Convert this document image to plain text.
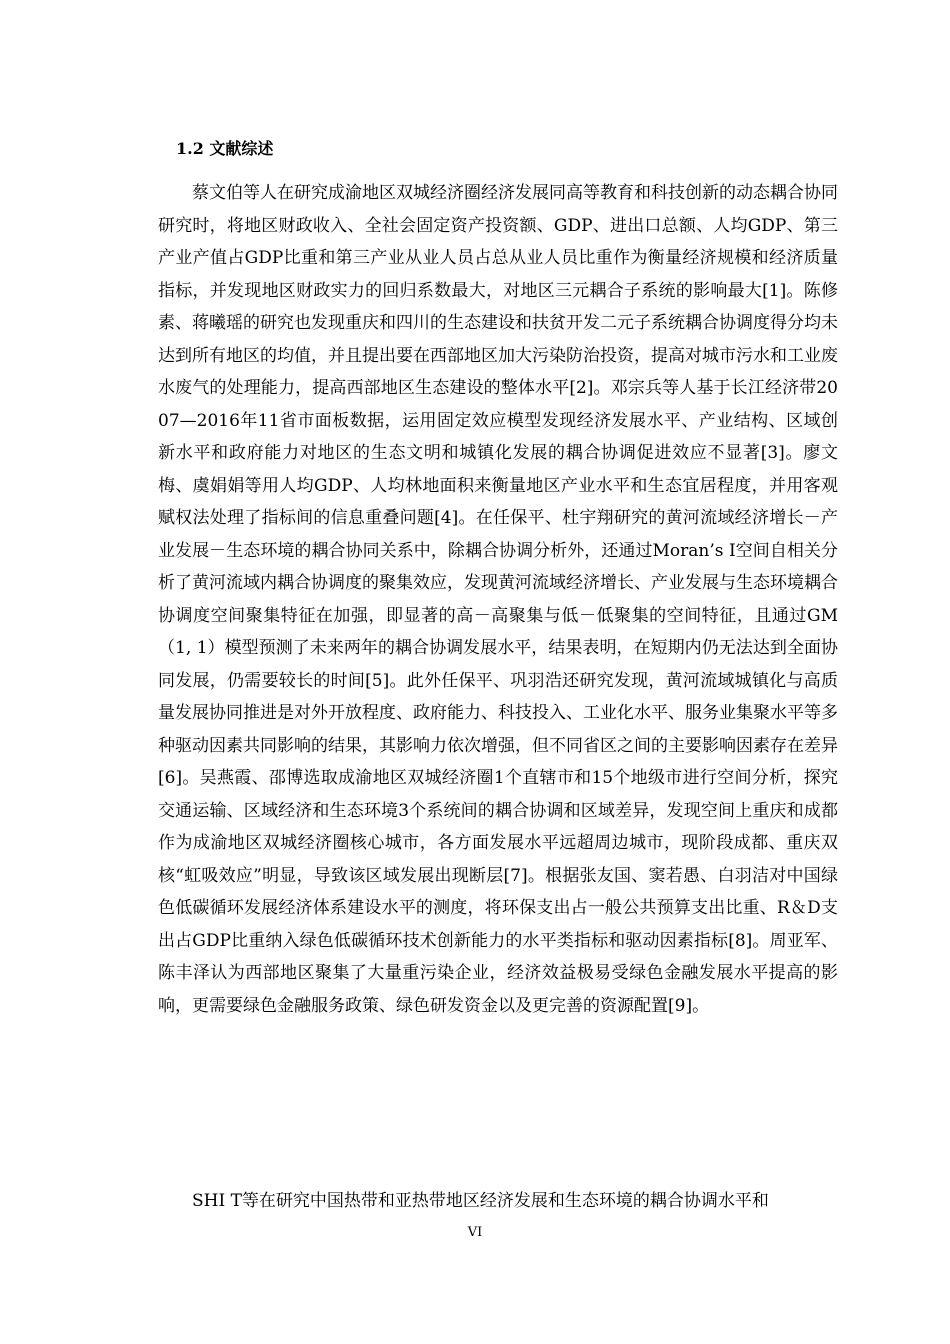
1.2 文献综述

蔡文伯等人在研究成渝地区双城经济圈经济发展同高等教育和科技创新的动态耦合协同研究时，将地区财政收入、全社会固定资产投资额、GDP、进出口总额、人均GDP、第三产业产值占GDP比重和第三产业从业人员占总从业人员比重作为衡量经济规模和经济质量指标，并发现地区财政实力的回归系数最大，对地区三元耦合子系统的影响最大[1]。陈修素、蒋曦瑶的研究也发现重庆和四川的生态建设和扶贫开发二元子系统耦合协调度得分均未达到所有地区的均值，并且提出要在西部地区加大污染防治投资，提高对城市污水和工业废水废气的处理能力，提高西部地区生态建设的整体水平[2]。邓宗兵等人基于长江经济带2007—2016年11省市面板数据，运用固定效应模型发现经济发展水平、产业结构、区域创新水平和政府能力对地区的生态文明和城镇化发展的耦合协调促进效应不显著[3]。廖文梅、虞娟娟等用人均GDP、人均林地面积来衡量地区产业水平和生态宜居程度，并用客观赋权法处理了指标间的信息重叠问题[4]。在任保平、杜宇翔研究的黄河流域经济增长－产业发展－生态环境的耦合协同关系中，除耦合协调分析外，还通过Moran’s I空间自相关分析了黄河流域内耦合协调度的聚集效应，发现黄河流域经济增长、产业发展与生态环境耦合协调度空间聚集特征在加强，即显著的高－高聚集与低－低聚集的空间特征，且通过GM（1, 1）模型预测了未来两年的耦合协调发展水平，结果表明，在短期内仍无法达到全面协同发展，仍需要较长的时间[5]。此外任保平、巩羽浩还研究发现，黄河流域城镇化与高质量发展协同推进是对外开放程度、政府能力、科技投入、工业化水平、服务业集聚水平等多种驱动因素共同影响的结果，其影响力依次增强，但不同省区之间的主要影响因素存在差异[6]。吴燕霞、邵博选取成渝地区双城经济圈1个直辖市和15个地级市进行空间分析，探究交通运输、区域经济和生态环境3个系统间的耦合协调和区域差异，发现空间上重庆和成都作为成渝地区双城经济圈核心城市，各方面发展水平远超周边城市，现阶段成都、重庆双核“虹吸效应”明显，导致该区域发展出现断层[7]。根据张友国、窦若愚、白羽洁对中国绿色低碳循环发展经济体系建设水平的测度，将环保支出占一般公共预算支出比重、R＆D支出占GDP比重纳入绿色低碳循环技术创新能力的水平类指标和驱动因素指标[8]。周亚军、陈丰泽认为西部地区聚集了大量重污染企业，经济效益极易受绿色金融发展水平提高的影响，更需要绿色金融服务政策、绿色研发资金以及更完善的资源配置[9]。

SHI T等在研究中国热带和亚热带地区经济发展和生态环境的耦合协调水平和

VI
